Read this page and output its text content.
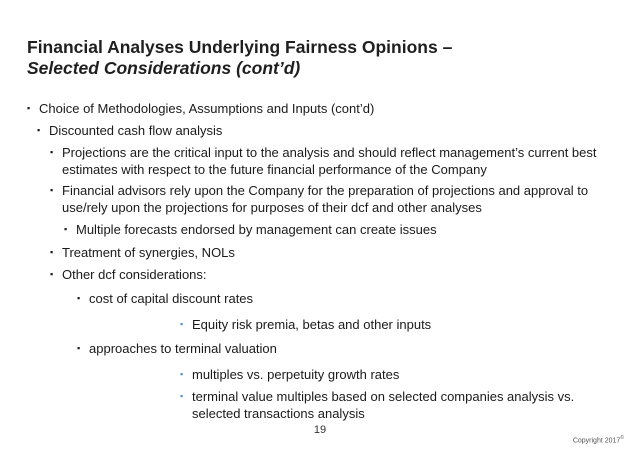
Financial Analyses Underlying Fairness Opinions –
Selected Considerations (cont’d)
▪ Choice of Methodologies, Assumptions and Inputs (cont’d)
▪ Discounted cash flow analysis
▪ Projections are the critical input to the analysis and should reflect management’s current best estimates with respect to the future financial performance of the Company
▪ Financial advisors rely upon the Company for the preparation of projections and approval to use/rely upon the projections for purposes of their dcf and other analyses
▪ Multiple forecasts endorsed by management can create issues
▪ Treatment of synergies, NOLs
▪ Other dcf considerations:
▪ cost of capital discount rates
▪ Equity risk premia, betas and other inputs
▪ approaches to terminal valuation
▪ multiples vs. perpetuity growth rates
▪ terminal value multiples based on selected companies analysis vs. selected transactions analysis
19
Copyright 2017©
